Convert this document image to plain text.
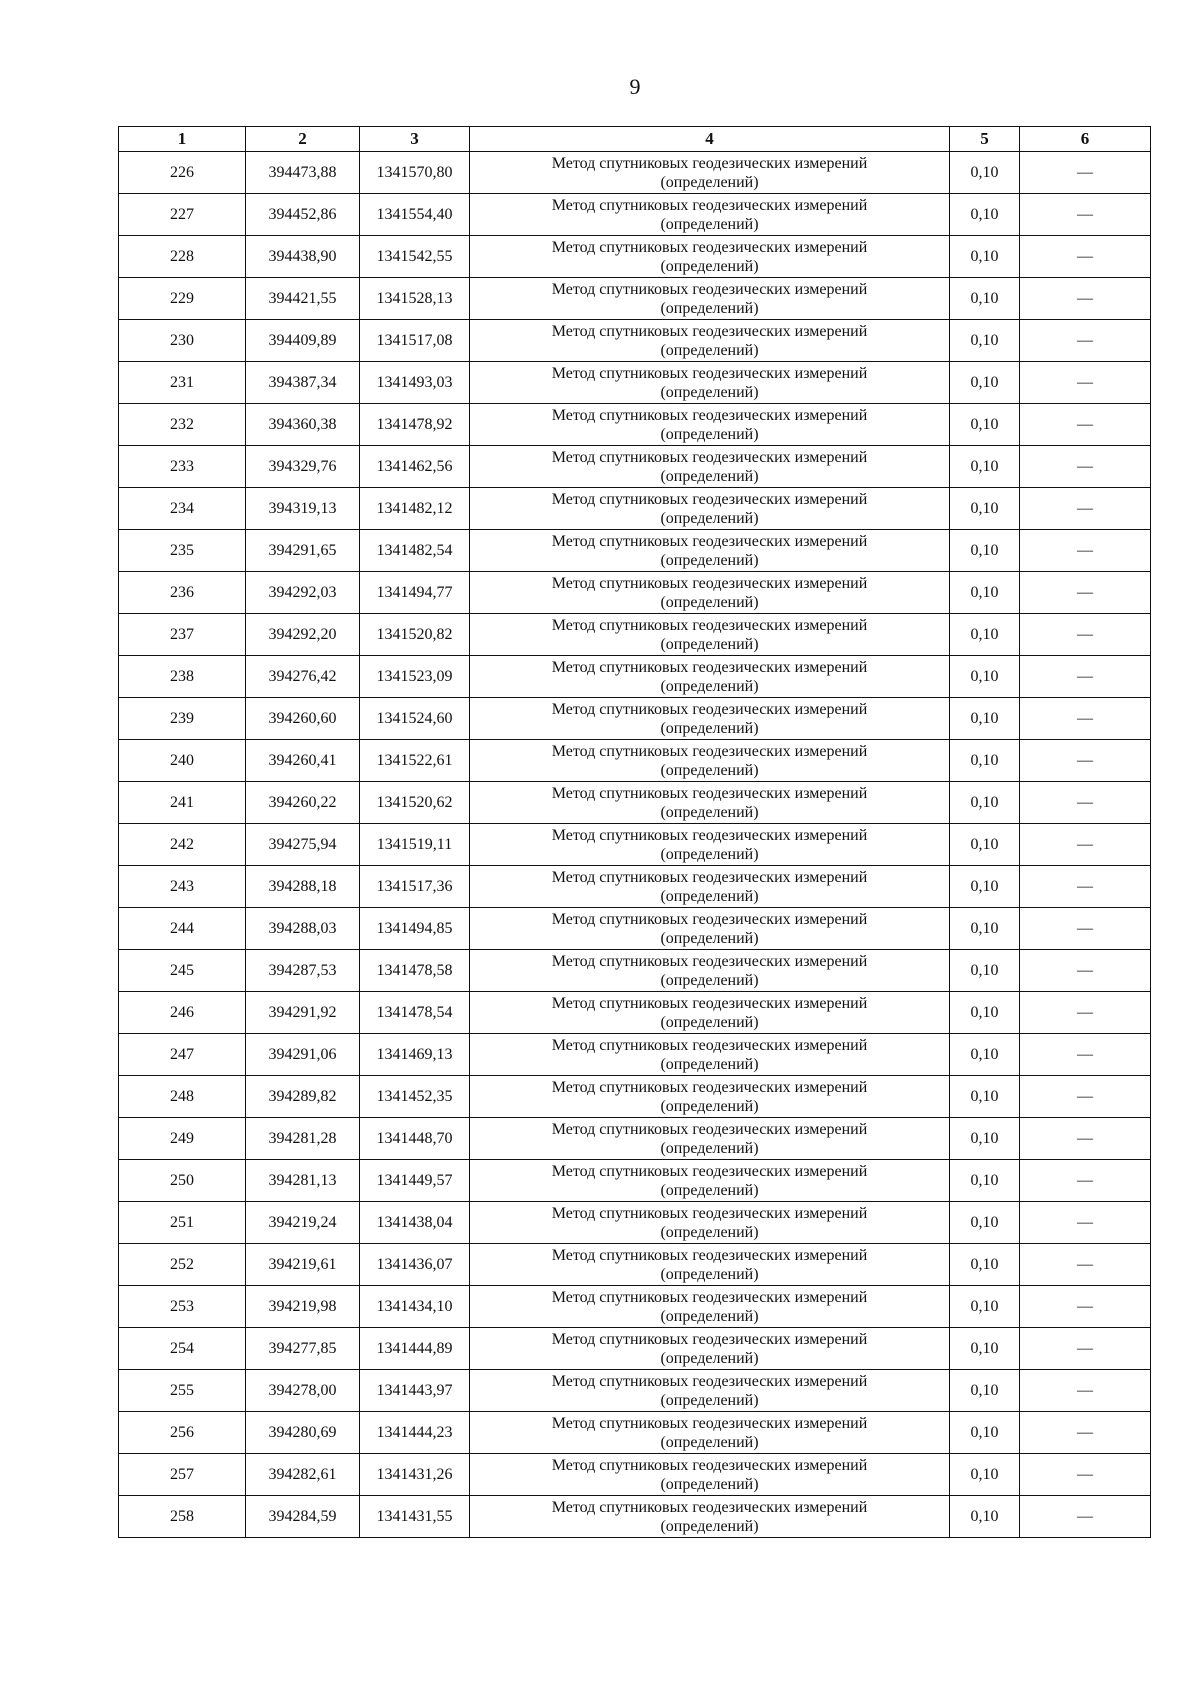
9
1	2	3	4	5	6
226	394473,88	1341570,80	Метод спутниковых геодезических измерений
(определений)	0,10	—
227	394452,86	1341554,40	Метод спутниковых геодезических измерений
(определений)	0,10	—
228	394438,90	1341542,55	Метод спутниковых геодезических измерений
(определений)	0,10	—
229	394421,55	1341528,13	Метод спутниковых геодезических измерений
(определений)	0,10	—
230	394409,89	1341517,08	Метод спутниковых геодезических измерений
(определений)	0,10	—
231	394387,34	1341493,03	Метод спутниковых геодезических измерений
(определений)	0,10	—
232	394360,38	1341478,92	Метод спутниковых геодезических измерений
(определений)	0,10	—
233	394329,76	1341462,56	Метод спутниковых геодезических измерений
(определений)	0,10	—
234	394319,13	1341482,12	Метод спутниковых геодезических измерений
(определений)	0,10	—
235	394291,65	1341482,54	Метод спутниковых геодезических измерений
(определений)	0,10	—
236	394292,03	1341494,77	Метод спутниковых геодезических измерений
(определений)	0,10	—
237	394292,20	1341520,82	Метод спутниковых геодезических измерений
(определений)	0,10	—
238	394276,42	1341523,09	Метод спутниковых геодезических измерений
(определений)	0,10	—
239	394260,60	1341524,60	Метод спутниковых геодезических измерений
(определений)	0,10	—
240	394260,41	1341522,61	Метод спутниковых геодезических измерений
(определений)	0,10	—
241	394260,22	1341520,62	Метод спутниковых геодезических измерений
(определений)	0,10	—
242	394275,94	1341519,11	Метод спутниковых геодезических измерений
(определений)	0,10	—
243	394288,18	1341517,36	Метод спутниковых геодезических измерений
(определений)	0,10	—
244	394288,03	1341494,85	Метод спутниковых геодезических измерений
(определений)	0,10	—
245	394287,53	1341478,58	Метод спутниковых геодезических измерений
(определений)	0,10	—
246	394291,92	1341478,54	Метод спутниковых геодезических измерений
(определений)	0,10	—
247	394291,06	1341469,13	Метод спутниковых геодезических измерений
(определений)	0,10	—
248	394289,82	1341452,35	Метод спутниковых геодезических измерений
(определений)	0,10	—
249	394281,28	1341448,70	Метод спутниковых геодезических измерений
(определений)	0,10	—
250	394281,13	1341449,57	Метод спутниковых геодезических измерений
(определений)	0,10	—
251	394219,24	1341438,04	Метод спутниковых геодезических измерений
(определений)	0,10	—
252	394219,61	1341436,07	Метод спутниковых геодезических измерений
(определений)	0,10	—
253	394219,98	1341434,10	Метод спутниковых геодезических измерений
(определений)	0,10	—
254	394277,85	1341444,89	Метод спутниковых геодезических измерений
(определений)	0,10	—
255	394278,00	1341443,97	Метод спутниковых геодезических измерений
(определений)	0,10	—
256	394280,69	1341444,23	Метод спутниковых геодезических измерений
(определений)	0,10	—
257	394282,61	1341431,26	Метод спутниковых геодезических измерений
(определений)	0,10	—
258	394284,59	1341431,55	Метод спутниковых геодезических измерений
(определений)	0,10	—
